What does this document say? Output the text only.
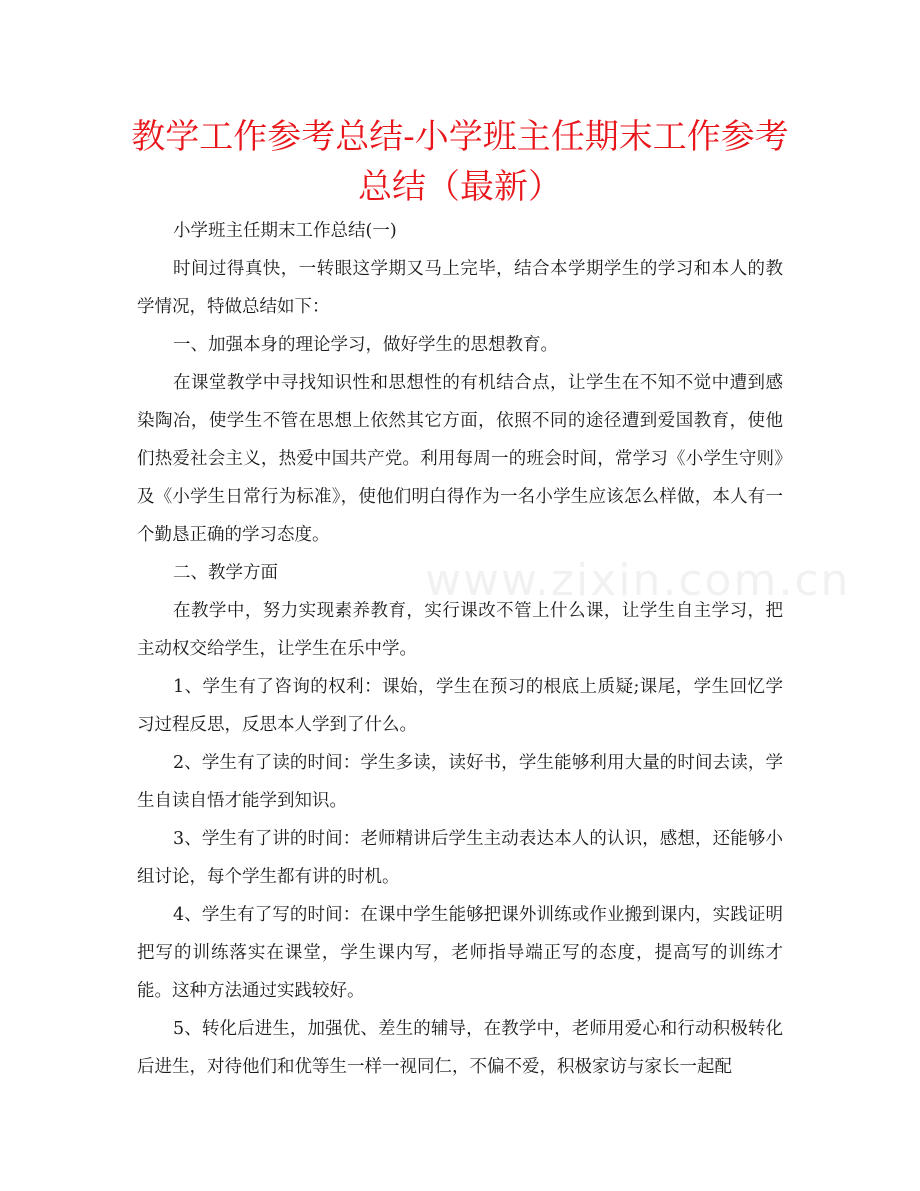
教学工作参考总结-小学班主任期末工作参考总结（最新）

小学班主任期末工作总结(一)

时间过得真快，一转眼这学期又马上完毕，结合本学期学生的学习和本人的教学情况，特做总结如下：

一、加强本身的理论学习，做好学生的思想教育。

在课堂教学中寻找知识性和思想性的有机结合点，让学生在不知不觉中遭到感染陶冶，使学生不管在思想上依然其它方面，依照不同的途径遭到爱国教育，使他们热爱社会主义，热爱中国共产党。利用每周一的班会时间，常学习《小学生守则》及《小学生日常行为标准》，使他们明白得作为一名小学生应该怎么样做，本人有一个勤恳正确的学习态度。

二、教学方面

在教学中，努力实现素养教育，实行课改不管上什么课，让学生自主学习，把主动权交给学生，让学生在乐中学。

1、学生有了咨询的权利：课始，学生在预习的根底上质疑;课尾，学生回忆学习过程反思，反思本人学到了什么。

2、学生有了读的时间：学生多读，读好书，学生能够利用大量的时间去读，学生自读自悟才能学到知识。

3、学生有了讲的时间：老师精讲后学生主动表达本人的认识，感想，还能够小组讨论，每个学生都有讲的时机。

4、学生有了写的时间：在课中学生能够把课外训练或作业搬到课内，实践证明把写的训练落实在课堂，学生课内写，老师指导端正写的态度，提高写的训练才能。这种方法通过实践较好。

5、转化后进生，加强优、差生的辅导，在教学中，老师用爱心和行动积极转化后进生，对待他们和优等生一样一视同仁，不偏不爱，积极家访与家长一起配

www.zixin.com.cn
